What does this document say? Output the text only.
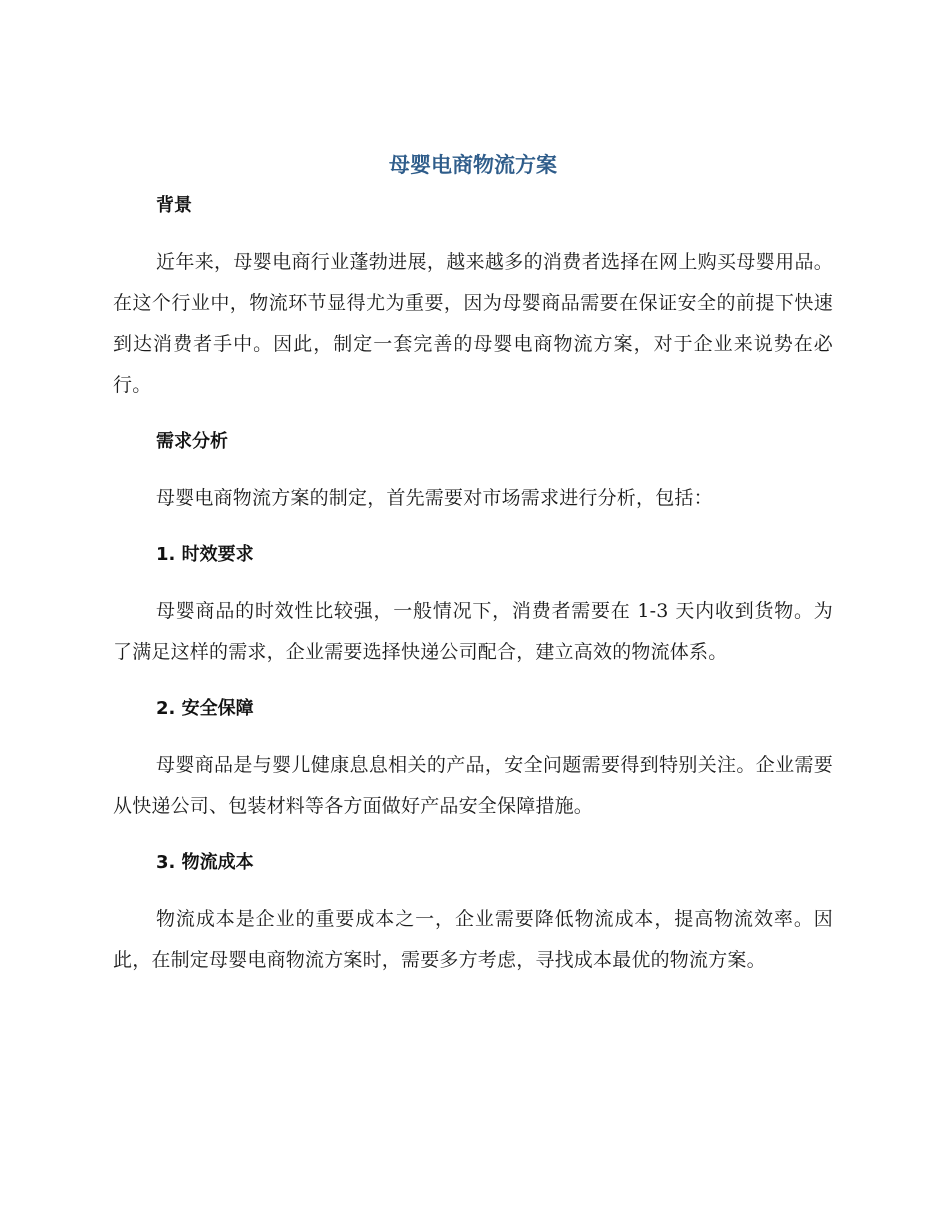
母婴电商物流方案
背景

近年来，母婴电商行业蓬勃进展，越来越多的消费者选择在网上购买母婴用品。在这个行业中，物流环节显得尤为重要，因为母婴商品需要在保证安全的前提下快速到达消费者手中。因此，制定一套完善的母婴电商物流方案，对于企业来说势在必行。

需求分析

母婴电商物流方案的制定，首先需要对市场需求进行分析，包括：

1. 时效要求

母婴商品的时效性比较强，一般情况下，消费者需要在 1-3 天内收到货物。为了满足这样的需求，企业需要选择快递公司配合，建立高效的物流体系。

2. 安全保障

母婴商品是与婴儿健康息息相关的产品，安全问题需要得到特别关注。企业需要从快递公司、包装材料等各方面做好产品安全保障措施。

3. 物流成本

物流成本是企业的重要成本之一，企业需要降低物流成本，提高物流效率。因此，在制定母婴电商物流方案时，需要多方考虑，寻找成本最优的物流方案。
